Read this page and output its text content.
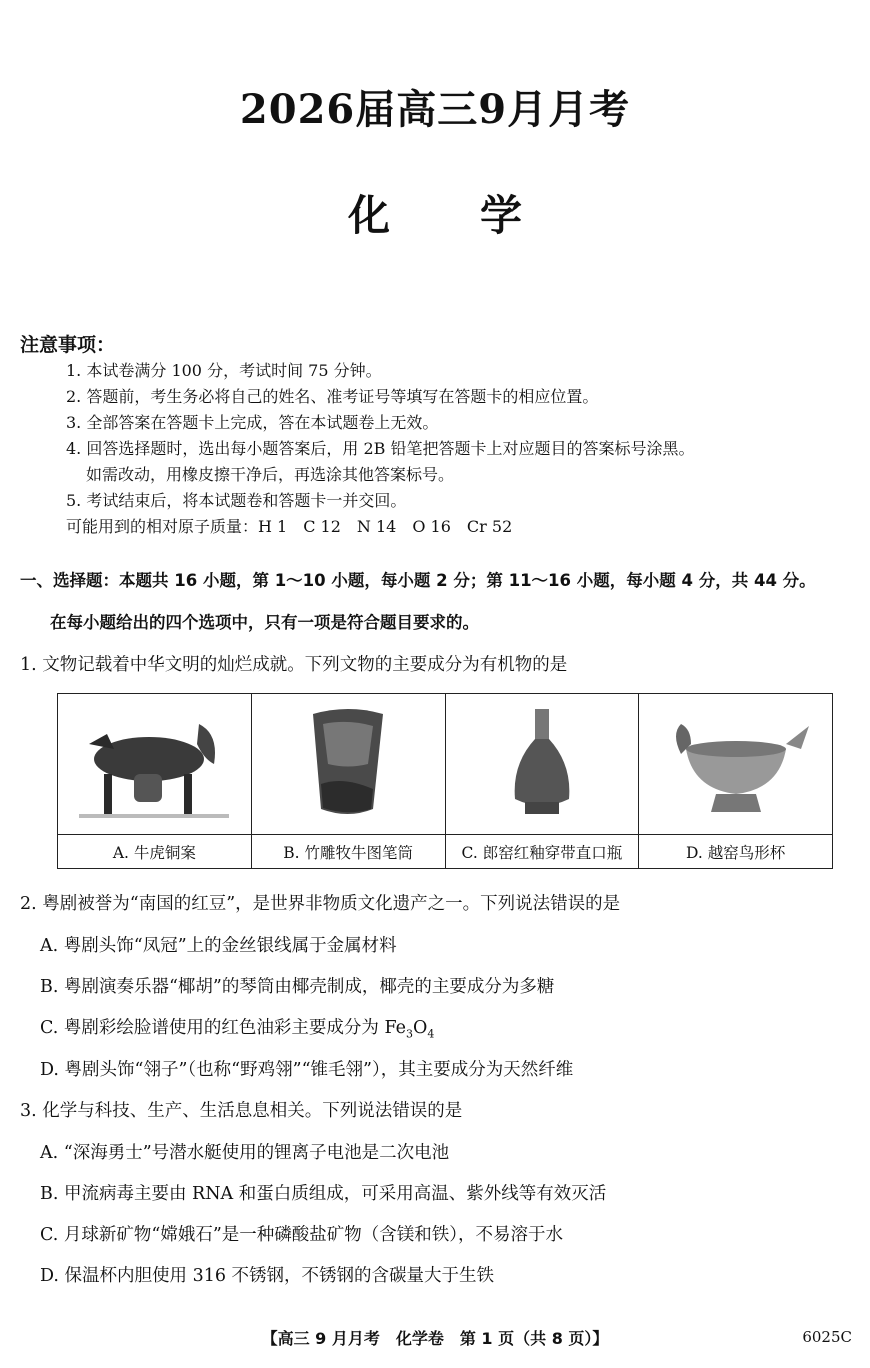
2026届高三9月月考
化学
注意事项：
1. 本试卷满分 100 分，考试时间 75 分钟。
2. 答题前，考生务必将自己的姓名、准考证号等填写在答题卡的相应位置。
3. 全部答案在答题卡上完成，答在本试题卷上无效。
4. 回答选择题时，选出每小题答案后，用 2B 铅笔把答题卡上对应题目的答案标号涂黑。
如需改动，用橡皮擦干净后，再选涂其他答案标号。
5. 考试结束后，将本试题卷和答题卡一并交回。
可能用到的相对原子质量：H 1　C 12　N 14　O 16　Cr 52
一、选择题：本题共 16 小题，第 1～10 小题，每小题 2 分；第 11～16 小题，每小题 4 分，共 44 分。
在每小题给出的四个选项中，只有一项是符合题目要求的。
1. 文物记载着中华文明的灿烂成就。下列文物的主要成分为有机物的是
A. 牛虎铜案	B. 竹雕牧牛图笔筒	C. 郎窑红釉穿带直口瓶	D. 越窑鸟形杯
2. 粤剧被誉为“南国的红豆”，是世界非物质文化遗产之一。下列说法错误的是
A. 粤剧头饰“凤冠”上的金丝银线属于金属材料
B. 粤剧演奏乐器“椰胡”的琴筒由椰壳制成，椰壳的主要成分为多糖
C. 粤剧彩绘脸谱使用的红色油彩主要成分为 $Fe_3O_4$
D. 粤剧头饰“翎子”（也称“野鸡翎”“锥毛翎”），其主要成分为天然纤维
3. 化学与科技、生产、生活息息相关。下列说法错误的是
A. “深海勇士”号潜水艇使用的锂离子电池是二次电池
B. 甲流病毒主要由 RNA 和蛋白质组成，可采用高温、紫外线等有效灭活
C. 月球新矿物“嫦娥石”是一种磷酸盐矿物（含镁和铁），不易溶于水
D. 保温杯内胆使用 316 不锈钢，不锈钢的含碳量大于生铁
【高三 9 月月考　化学卷　第 1 页（共 8 页）】	6025C
